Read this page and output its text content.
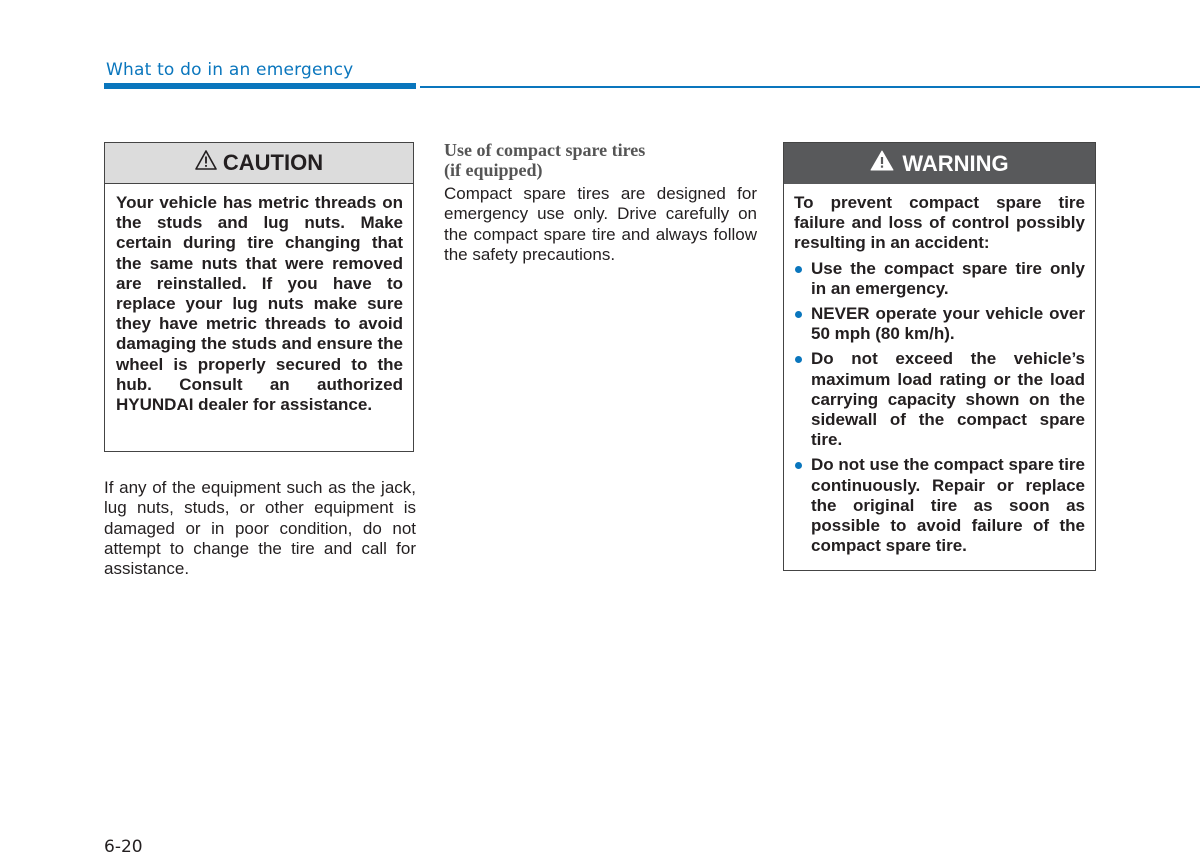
What to do in an emergency
CAUTION
Your vehicle has metric threads on the studs and lug nuts. Make certain during tire changing that the same nuts that were removed are reinstalled. If you have to replace your lug nuts make sure they have metric threads to avoid damaging the studs and ensure the wheel is properly secured to the hub. Consult an authorized HYUNDAI dealer for assistance.
If any of the equipment such as the jack, lug nuts, studs, or other equipment is damaged or in poor condition, do not attempt to change the tire and call for assistance.
Use of compact spare tires
(if equipped)
Compact spare tires are designed for emergency use only. Drive carefully on the compact spare tire and always follow the safety precautions.
WARNING
To prevent compact spare tire failure and loss of control possibly resulting in an accident:
Use the compact spare tire only in an emergency.
NEVER operate your vehicle over 50 mph (80 km/h).
Do not exceed the vehicle’s maximum load rating or the load carrying capacity shown on the sidewall of the compact spare tire.
Do not use the compact spare tire continuously. Repair or replace the original tire as soon as possible to avoid failure of the compact spare tire.
6-20
